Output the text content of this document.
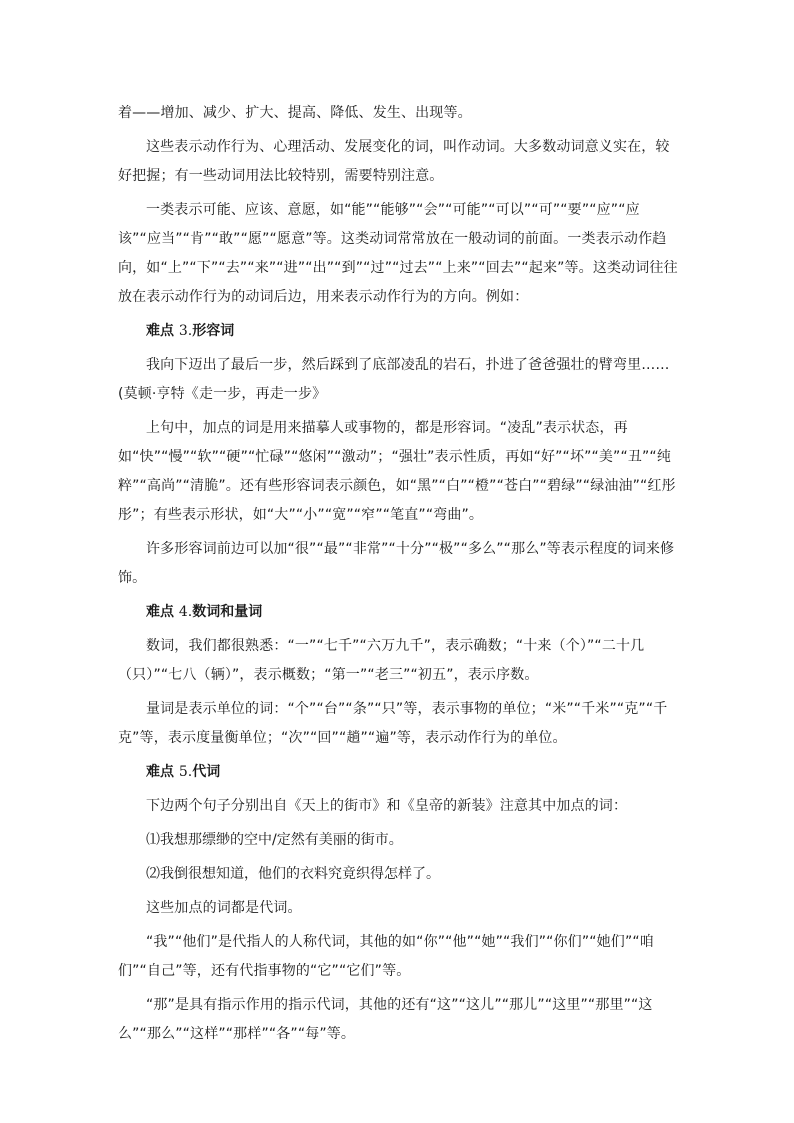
着——增加、减少、扩大、提高、降低、发生、出现等。

这些表示动作行为、心理活动、发展变化的词，叫作动词。大多数动词意义实在，较好把握；有一些动词用法比较特别，需要特别注意。

一类表示可能、应该、意愿，如“能”“能够”“会”“可能”“可以”“可”“要”“应”“应该”“应当”“肯”“敢”“愿”“愿意”等。这类动词常常放在一般动词的前面。一类表示动作趋向，如“上”“下”“去”“来”“进”“出”“到”“过”“过去”“上来”“回去”“起来”等。这类动词往往放在表示动作行为的动词后边，用来表示动作行为的方向。例如：

难点 3.形容词

我向下迈出了最后一步，然后踩到了底部凌乱的岩石，扑进了爸爸强壮的臂弯里……(莫顿·亨特《走一步，再走一步》

上句中，加点的词是用来描摹人或事物的，都是形容词。“凌乱”表示状态，再如“快”“慢”“软”“硬”“忙碌”“悠闲”“激动”；“强壮”表示性质，再如“好”“坏”“美”“丑”“纯粹”“高尚”“清脆”。还有些形容词表示颜色，如“黑”“白”“橙”“苍白”“碧绿”“绿油油”“红彤彤”；有些表示形状，如“大”“小”“宽”“窄”“笔直”“弯曲”。

许多形容词前边可以加“很”“最”“非常”“十分”“极”“多么”“那么”等表示程度的词来修饰。

难点 4.数词和量词

数词，我们都很熟悉：“一”“七千”“六万九千”，表示确数；“十来（个）”“二十几（只）”“七八（辆）”，表示概数；“第一”“老三”“初五”，表示序数。

量词是表示单位的词：“个”“台”“条”“只”等，表示事物的单位；“米”“千米”“克”“千克”等，表示度量衡单位；“次”“回”“趟”“遍”等，表示动作行为的单位。

难点 5.代词

下边两个句子分别出自《天上的街市》和《皇帝的新装》注意其中加点的词：

⑴我想那缥缈的空中/定然有美丽的街市。

⑵我倒很想知道，他们的衣料究竟织得怎样了。

这些加点的词都是代词。

“我”“他们”是代指人的人称代词，其他的如“你”“他”“她”“我们”“你们”“她们”“咱们”“自己”等，还有代指事物的“它”“它们”等。

“那”是具有指示作用的指示代词，其他的还有“这”“这儿”“那儿”“这里”“那里”“这么”“那么”“这样”“那样”“各”“每”等。
